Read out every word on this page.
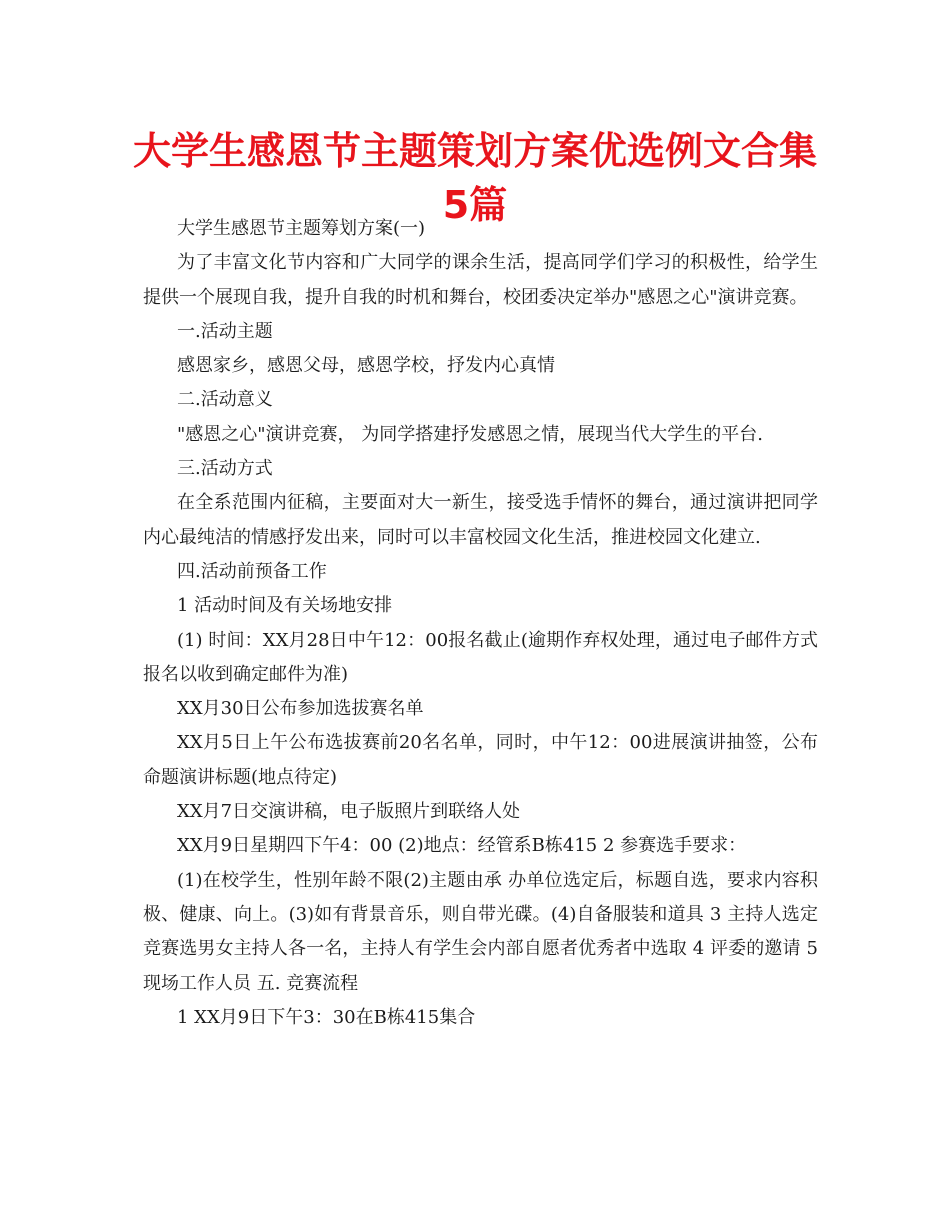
大学生感恩节主题策划方案优选例文合集5篇

大学生感恩节主题筹划方案(一)

为了丰富文化节内容和广大同学的课余生活，提高同学们学习的积极性，给学生提供一个展现自我，提升自我的时机和舞台，校团委决定举办"感恩之心"演讲竞赛。

一.活动主题

感恩家乡，感恩父母，感恩学校，抒发内心真情

二.活动意义

"感恩之心"演讲竞赛， 为同学搭建抒发感恩之情，展现当代大学生的平台.

三.活动方式

在全系范围内征稿，主要面对大一新生，接受选手情怀的舞台，通过演讲把同学内心最纯洁的情感抒发出来，同时可以丰富校园文化生活，推进校园文化建立.

四.活动前预备工作

1 活动时间及有关场地安排

(1) 时间：XX月28日中午12：00报名截止(逾期作弃权处理，通过电子邮件方式报名以收到确定邮件为准)

XX月30日公布参加选拔赛名单

XX月5日上午公布选拔赛前20名名单，同时，中午12：00进展演讲抽签，公布命题演讲标题(地点待定)

XX月7日交演讲稿，电子版照片到联络人处

XX月9日星期四下午4：00 (2)地点：经管系B栋415 2 参赛选手要求：

(1)在校学生，性别年龄不限(2)主题由承 办单位选定后，标题自选，要求内容积极、健康、向上。(3)如有背景音乐，则自带光碟。(4)自备服装和道具 3 主持人选定 竞赛选男女主持人各一名，主持人有学生会内部自愿者优秀者中选取 4 评委的邀请 5 现场工作人员 五. 竞赛流程

1 XX月9日下午3：30在B栋415集合
